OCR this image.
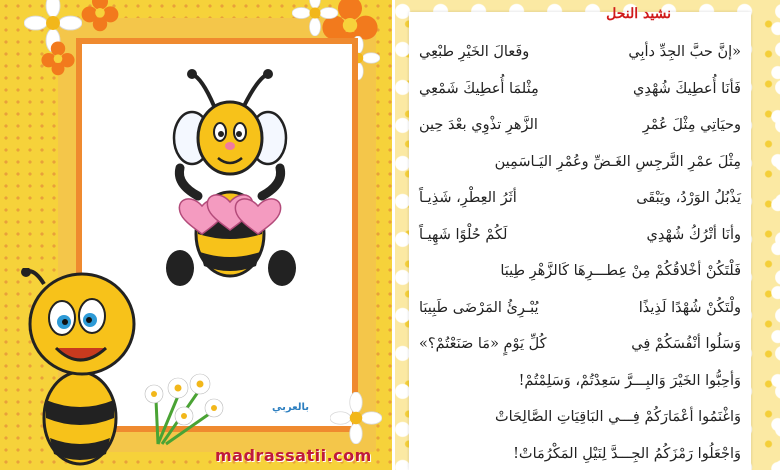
بالعربي
madrassatii.com
نشيد النحل
«إنَّ حبَّ الجِدِّ دأبِي
وفَعالَ الخَيْرِ طبْعِي
فَأنَا أُعطِيكَ شُهْدِي
مِثْلمَا أُعطِيكَ شَمْعِي
وحيَاتِي مِثْلَ عُمْرِ
الزَّهرِ تذْوِي بعْدَ حِين
مِثْلَ عمْرِ النَّرجِسِ الغَـضِّ وعُمْرِ اليَـاسَمِين
يَذْبُلُ الوَرْدُ، ويَبْقَى
أثَرُ العِطْرِ، شَذِيـاً
وأنَا أتْرُكُ شُهْدِي
لَكُمْ حُلْوًا شَهِيـاً
فَلْتَكُنْ أخْلاقُكُمْ مِنْ عِطـــرِهَا كَالزَّهْرِ طِيبَا
ولْتَكُنْ شُهْدًا لَذِيذًا
يُبْـرِئُ المَرْضَى طَبِيبَا
وَسَلُوا أنْفُسَكُمْ فِي
كُلِّ يَوْمٍ «مَا صَنَعْتُمْ؟»
وَأحِبُّوا الخَيْرَ وَالبِـــرَّ سَعِدْتُمْ، وَسَلِمْتُمْ!
وَاغْنَمُوا أعْمَارَكُمْ فِـــي البَاقِيَاتِ الصَّالِحَاتْ
وَاجْعَلُوا رَمْزَكُمُ الجِـــدَّ لِنَيْلِ المَكْرُمَاتْ!
